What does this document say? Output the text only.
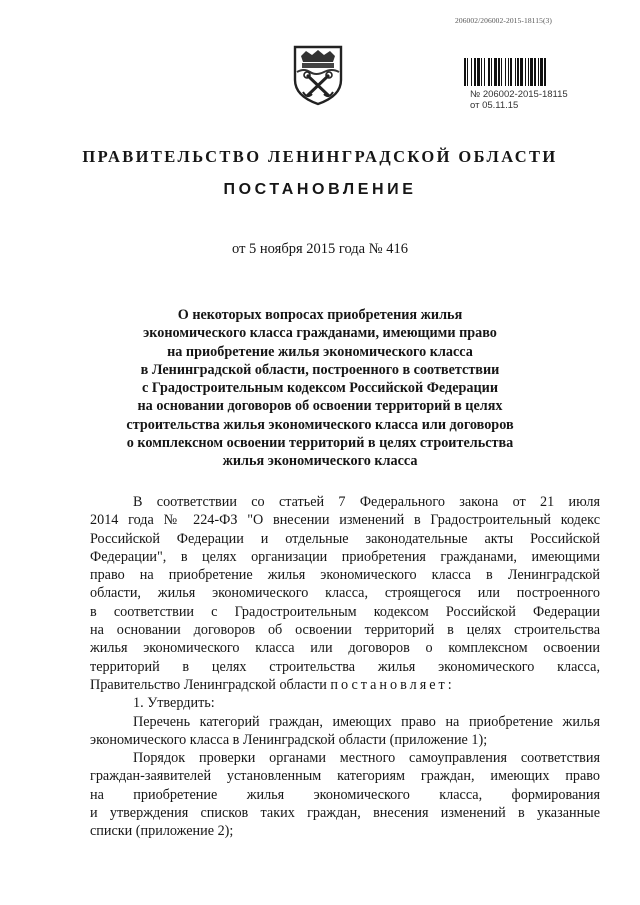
206002/206002-2015-18115(3)
№ 206002-2015-18115
от 05.11.15
ПРАВИТЕЛЬСТВО ЛЕНИНГРАДСКОЙ ОБЛАСТИ
ПОСТАНОВЛЕНИЕ
от 5 ноября 2015 года № 416
О некоторых вопросах приобретения жилья
экономического класса гражданами, имеющими право
на приобретение жилья экономического класса
в Ленинградской области, построенного в соответствии
с Градостроительным кодексом Российской Федерации
на основании договоров об освоении территорий в целях
строительства жилья экономического класса или договоров
о комплексном освоении территорий в целях строительства
жилья экономического класса
В соответствии со статьей 7 Федерального закона от 21 июля
2014 года № 224-ФЗ "О внесении изменений в Градостроительный кодекс
Российской Федерации и отдельные законодательные акты Российской
Федерации", в целях организации приобретения гражданами, имеющими
право на приобретение жилья экономического класса в Ленинградской
области, жилья экономического класса, строящегося или построенного
в соответствии с Градостроительным кодексом Российской Федерации
на основании договоров об освоении территорий в целях строительства
жилья экономического класса или договоров о комплексном освоении
территорий в целях строительства жилья экономического класса,
Правительство Ленинградской области постановляет:
1. Утвердить:
Перечень категорий граждан, имеющих право на приобретение жилья
экономического класса в Ленинградской области (приложение 1);
Порядок проверки органами местного самоуправления соответствия
граждан-заявителей установленным категориям граждан, имеющих право
на приобретение жилья экономического класса, формирования
и утверждения списков таких граждан, внесения изменений в указанные
списки (приложение 2);
